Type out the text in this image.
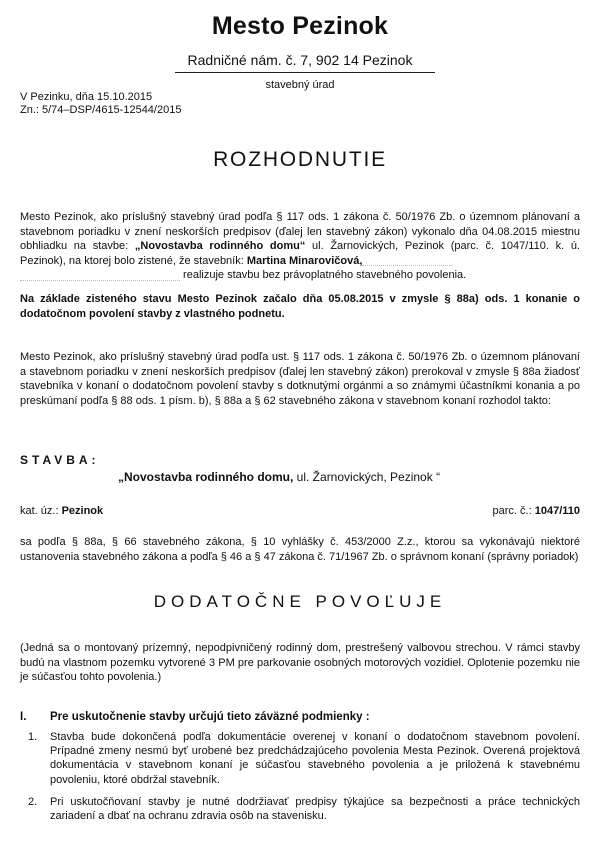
Mesto Pezinok
Radničné nám. č. 7, 902 14 Pezinok
stavebný úrad
V Pezinku, dňa 15.10.2015
Zn.: 5/74–DSP/4615-12544/2015
ROZHODNUTIE
Mesto Pezinok, ako príslušný stavebný úrad podľa § 117 ods. 1 zákona č. 50/1976 Zb. o územnom plánovaní a stavebnom poriadku v znení neskorších predpisov (ďalej len stavebný zákon) vykonalo dňa 04.08.2015 miestnu obhliadku na stavbe: „Novostavba rodinného domu“ ul. Žarnovických, Pezinok (parc. č. 1047/110. k. ú. Pezinok), na ktorej bolo zistené, že stavebník: Martina Minarovičová,
realizuje stavbu bez právoplatného stavebného povolenia.
Na základe zisteného stavu Mesto Pezinok začalo dňa 05.08.2015 v zmysle § 88a) ods. 1 konanie o dodatočnom povolení stavby z vlastného podnetu.
Mesto Pezinok, ako príslušný stavebný úrad podľa ust. § 117 ods. 1 zákona č. 50/1976 Zb. o územnom plánovaní a stavebnom poriadku v znení neskorších predpisov (ďalej len stavebný zákon) prerokoval v zmysle § 88a žiadosť stavebníka v konaní o dodatočnom povolení stavby s dotknutými orgánmi a so známymi účastníkmi konania a po preskúmaní podľa § 88 ods. 1 písm. b), § 88a a § 62 stavebného zákona v stavebnom konaní rozhodol takto:
STAVBA:
„Novostavba rodinného domu, ul. Žarnovických, Pezinok “
kat. úz.: Pezinok	parc. č.: 1047/110
sa podľa § 88a, § 66 stavebného zákona, § 10 vyhlášky č. 453/2000 Z.z., ktorou sa vykonávajú niektoré ustanovenia stavebného zákona a podľa § 46 a § 47 zákona č. 71/1967 Zb. o správnom konaní (správny poriadok)
DODATOČNE POVOĽUJE
(Jedná sa o montovaný prízemný, nepodpivničený rodinný dom, prestrešený valbovou strechou. V rámci stavby budú na vlastnom pozemku vytvorené 3 PM pre parkovanie osobných motorových vozidiel. Oplotenie pozemku nie je súčasťou tohto povolenia.)
I. Pre uskutočnenie stavby určujú tieto záväzné podmienky :
1. Stavba bude dokončená podľa dokumentácie overenej v konaní o dodatočnom stavebnom povolení. Prípadné zmeny nesmú byť urobené bez predchádzajúceho povolenia Mesta Pezinok. Overená projektová dokumentácia v stavebnom konaní je súčasťou stavebného povolenia a je priložená k stavebnému povoleniu, ktoré obdržal stavebník.
2. Pri uskutočňovaní stavby je nutné dodržiavať predpisy týkajúce sa bezpečnosti a práce technických zariadení a dbať na ochranu zdravia osôb na stavenisku.
